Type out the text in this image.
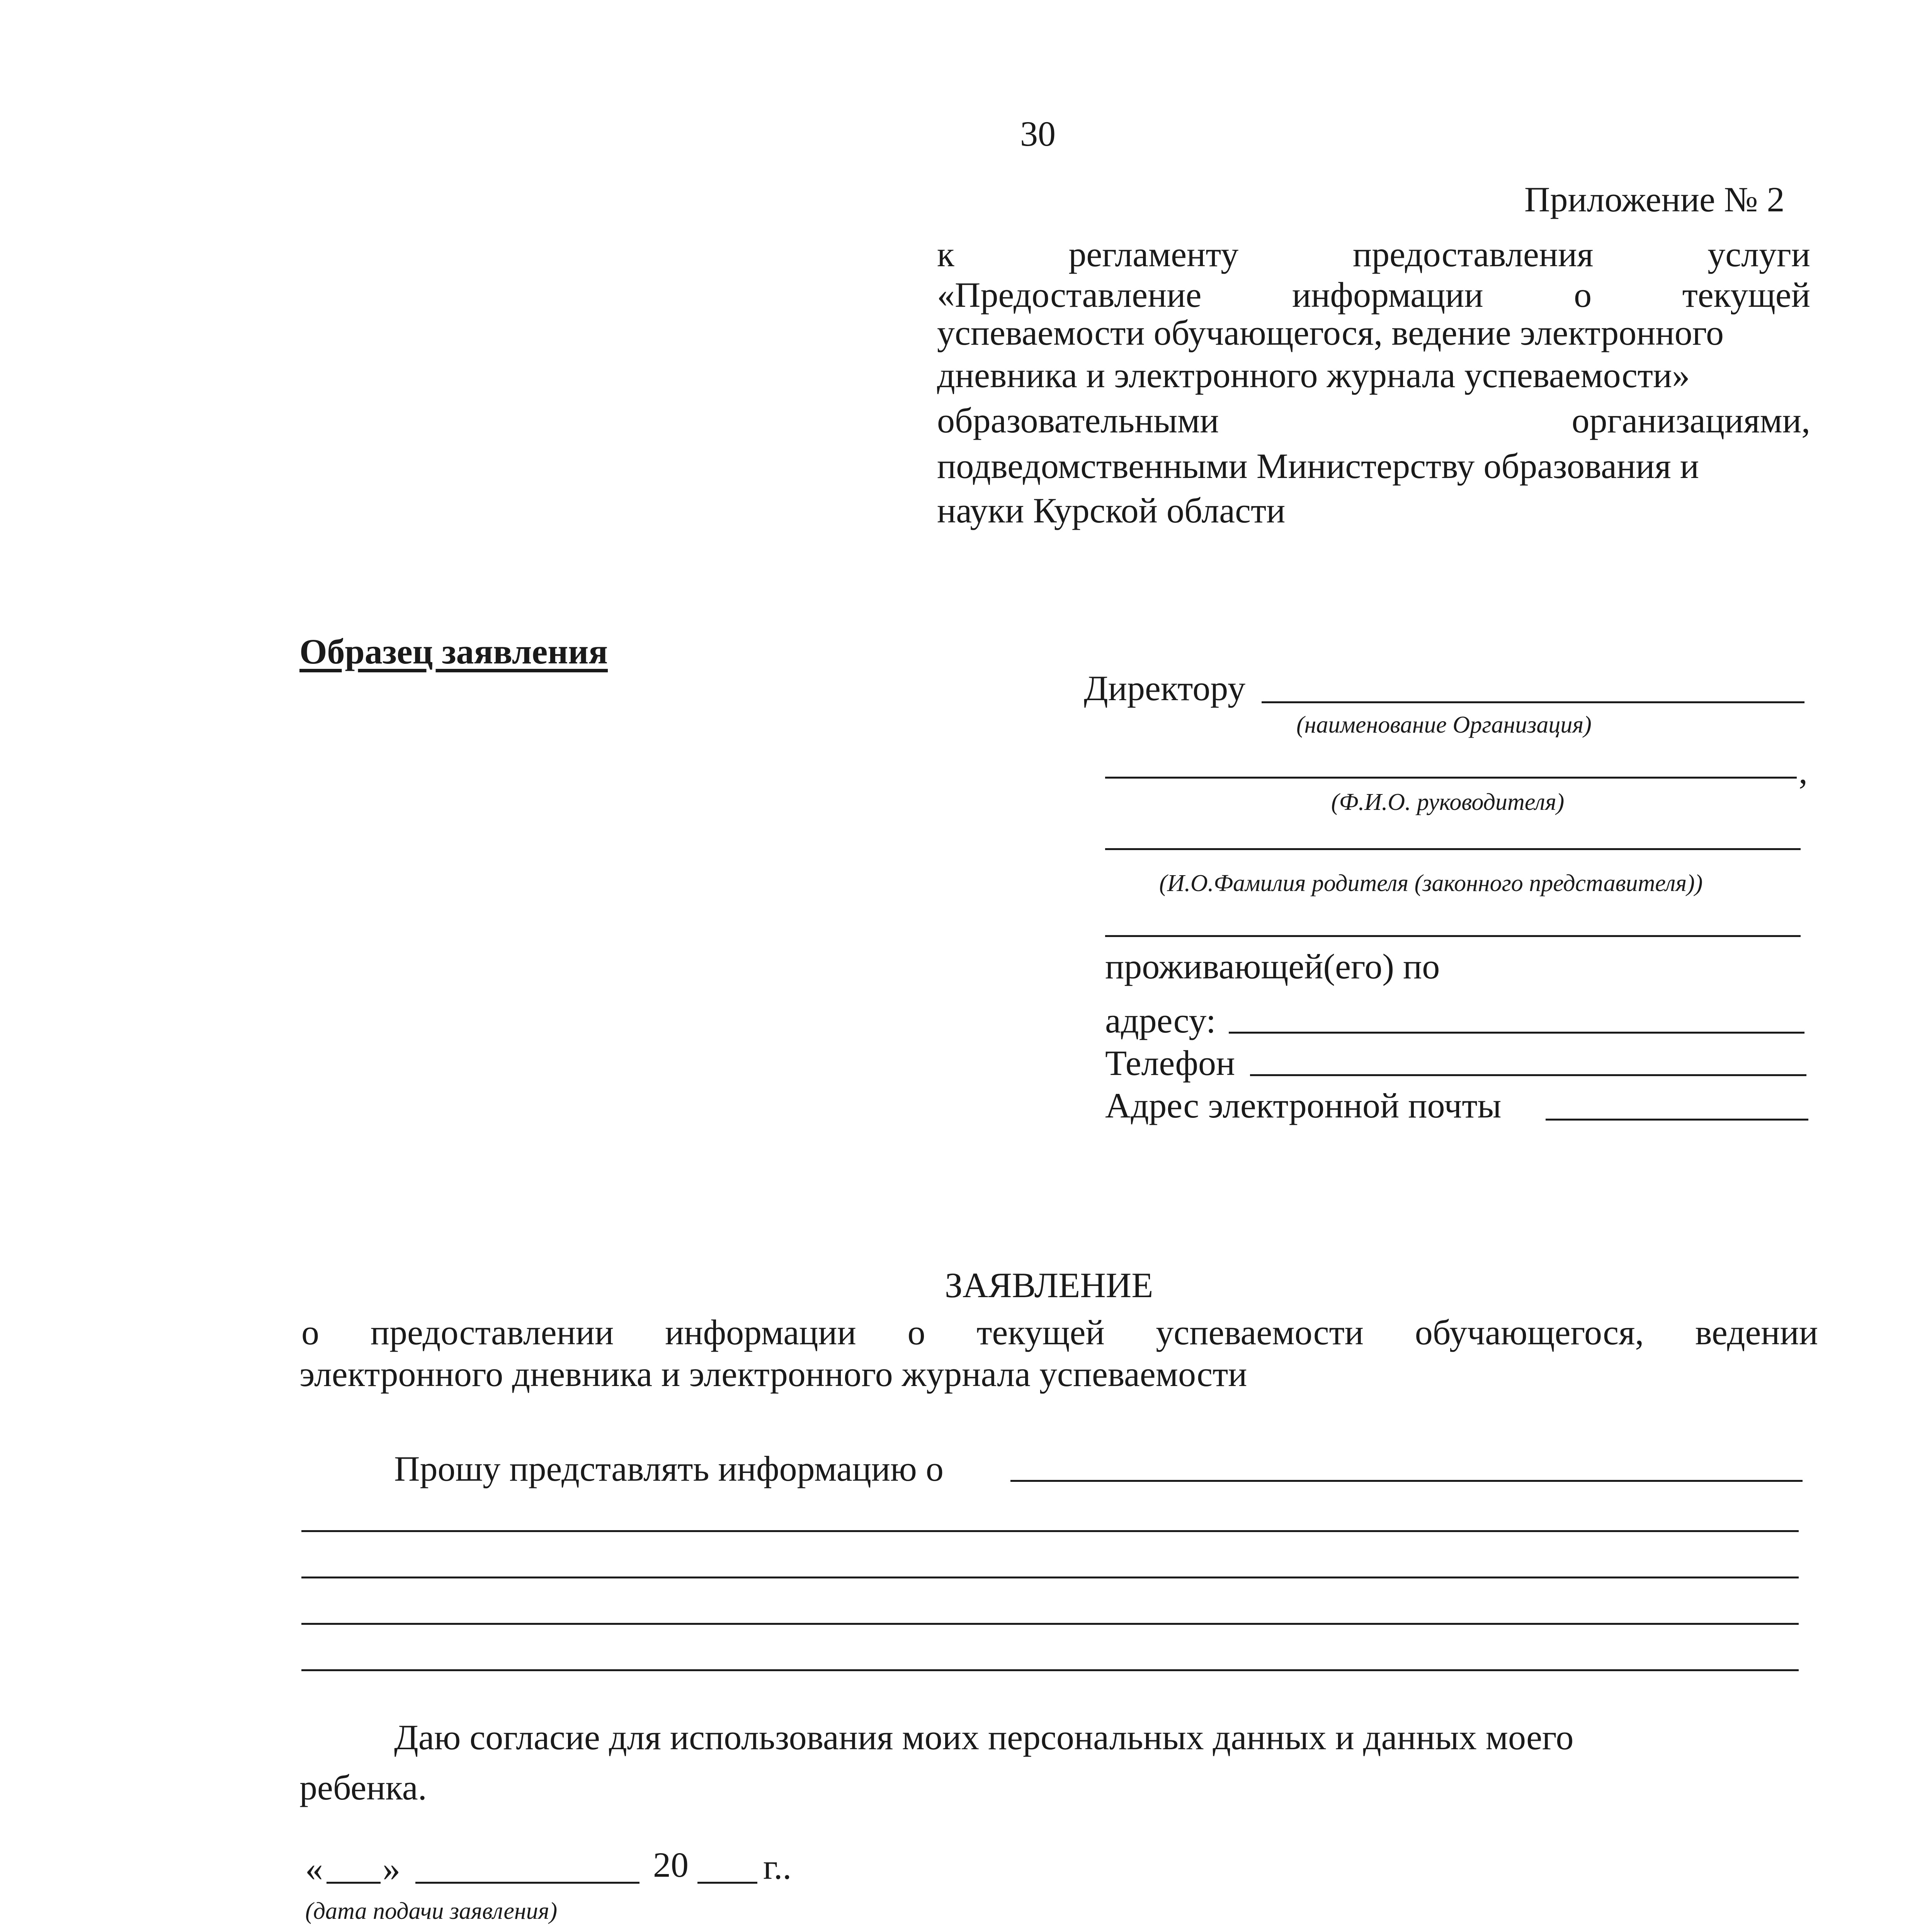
30
Приложение № 2
к	регламенту	предоставления	услуги
«Предоставление	информации	о	текущей
успеваемости обучающегося, ведение электронного
дневника и электронного журнала успеваемости»
образовательными	организациями,
подведомственными Министерству образования и
науки Курской области
Образец заявления
Директору
(наименование Организация)
,
(Ф.И.О. руководителя)
(И.О.Фамилия родителя (законного представителя))
проживающей(его) по
адресу:
Телефон
Адрес электронной почты
ЗАЯВЛЕНИЕ
о предоставлении информации о текущей успеваемости обучающегося, ведении
электронного дневника и электронного журнала успеваемости
Прошу представлять информацию о
Даю согласие для использования моих персональных данных и данных моего
ребенка.
« »	20 г..
(дата подачи заявления)
